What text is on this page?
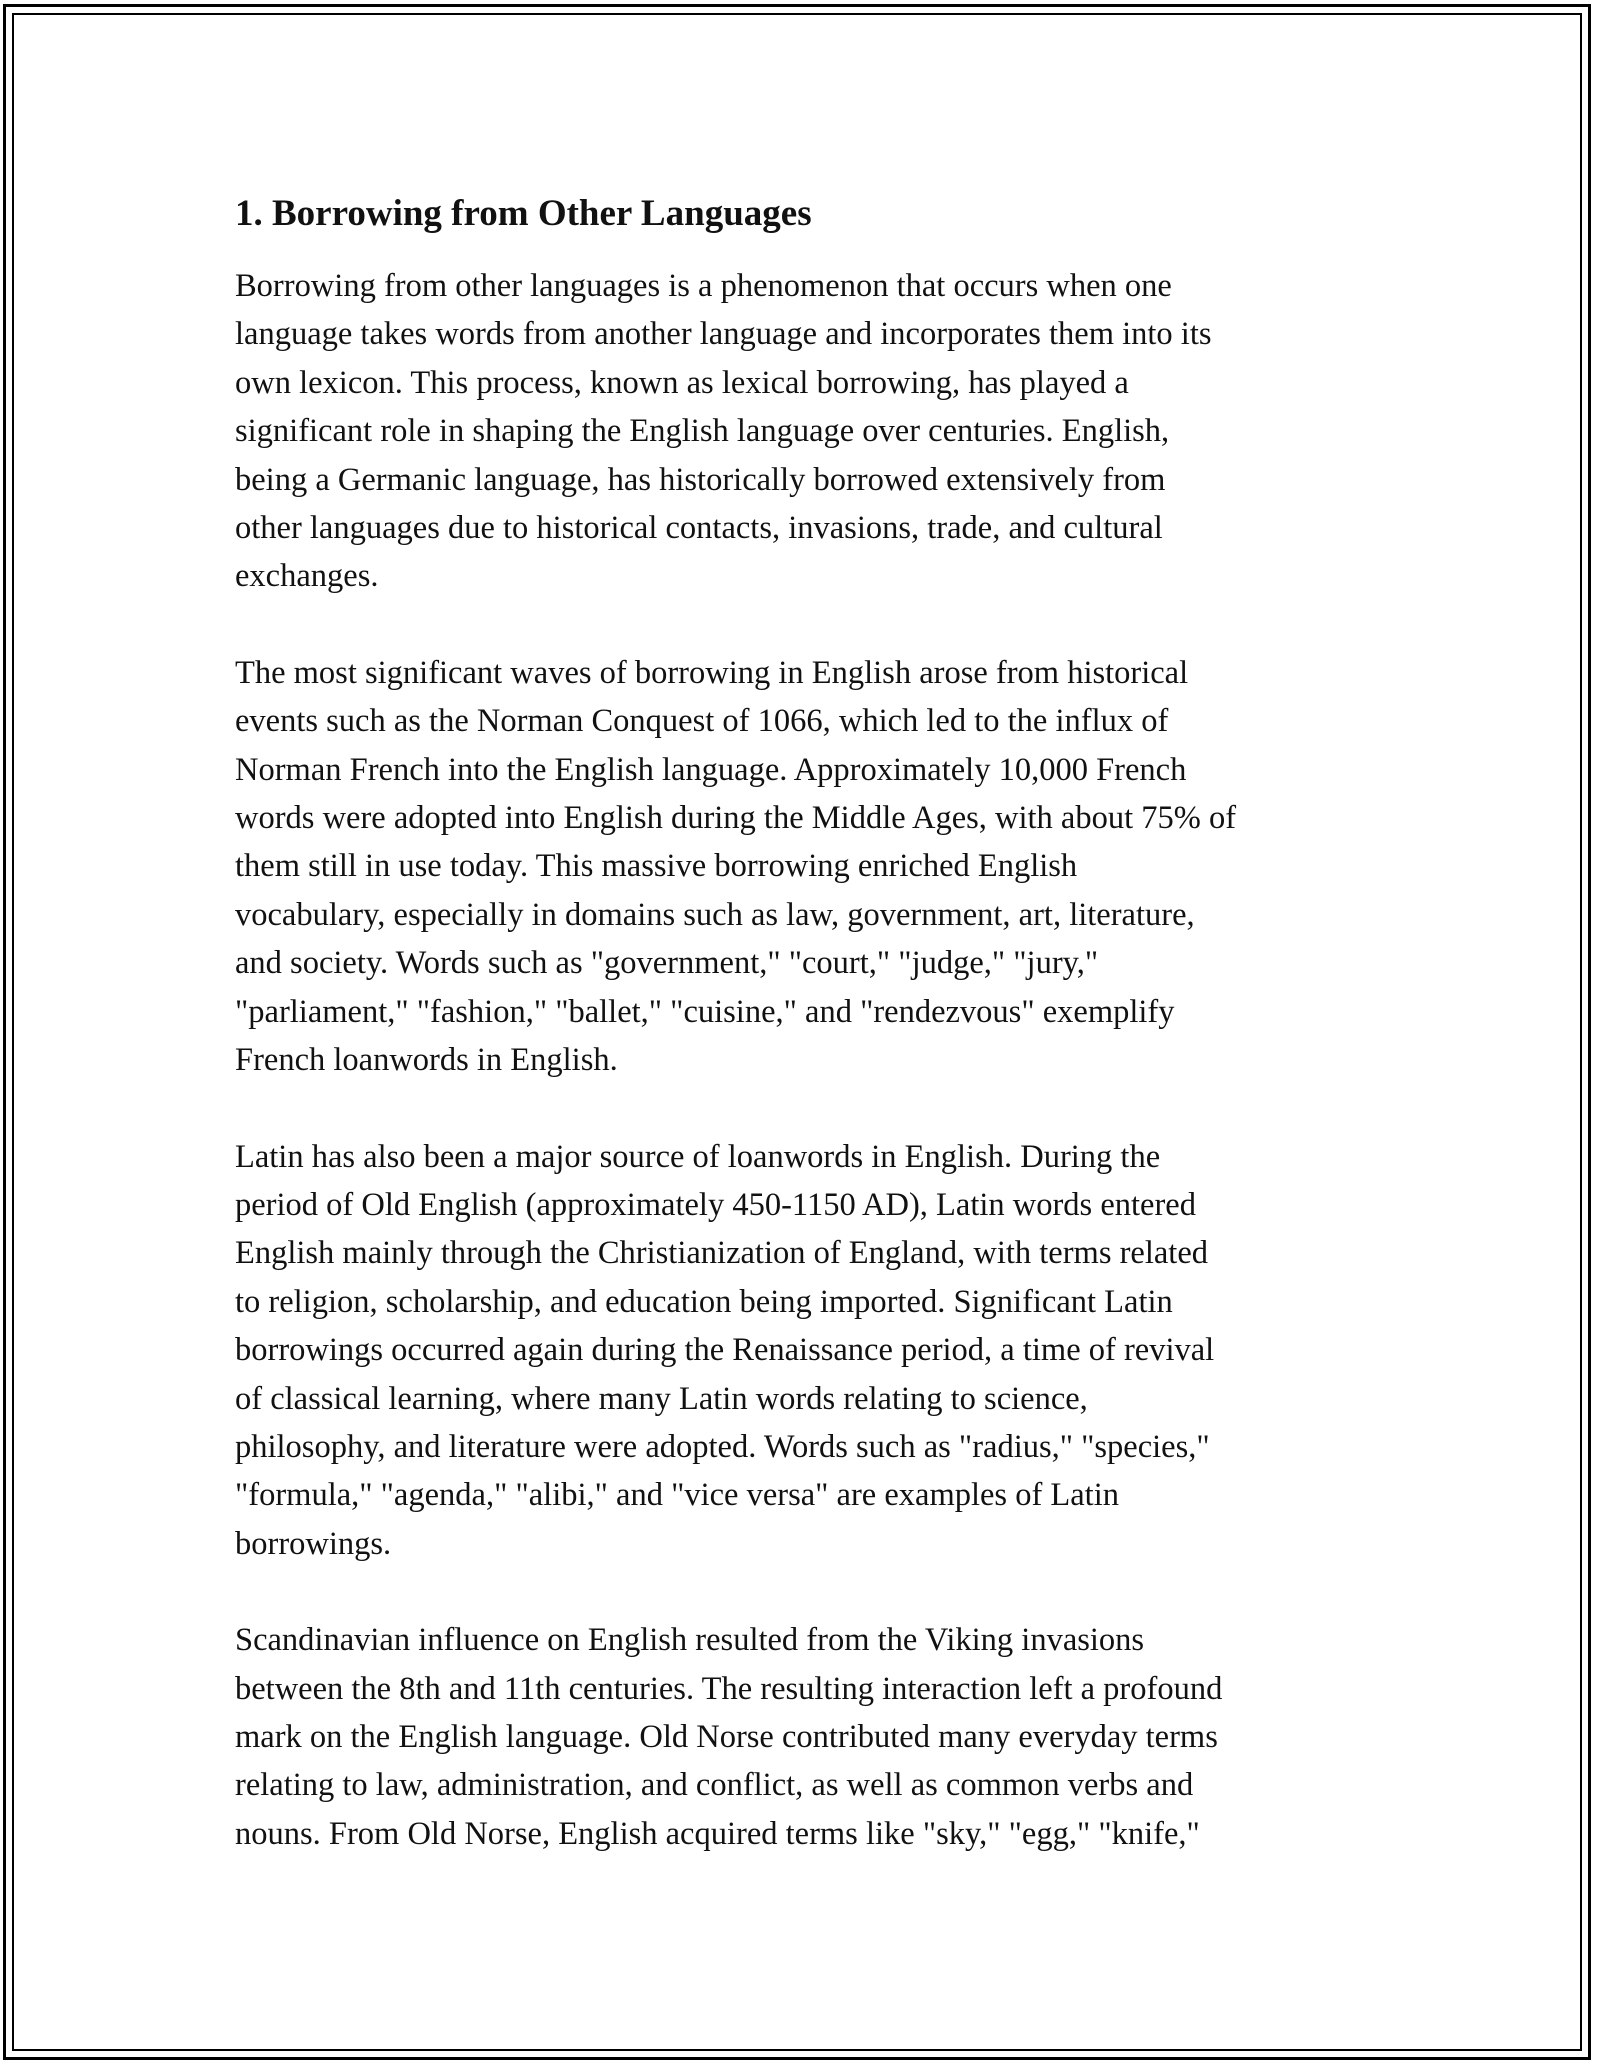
1. Borrowing from Other Languages

Borrowing from other languages is a phenomenon that occurs when one
language takes words from another language and incorporates them into its
own lexicon. This process, known as lexical borrowing, has played a
significant role in shaping the English language over centuries. English,
being a Germanic language, has historically borrowed extensively from
other languages due to historical contacts, invasions, trade, and cultural
exchanges.

The most significant waves of borrowing in English arose from historical
events such as the Norman Conquest of 1066, which led to the influx of
Norman French into the English language. Approximately 10,000 French
words were adopted into English during the Middle Ages, with about 75% of
them still in use today. This massive borrowing enriched English
vocabulary, especially in domains such as law, government, art, literature,
and society. Words such as "government," "court," "judge," "jury,"
"parliament," "fashion," "ballet," "cuisine," and "rendezvous" exemplify
French loanwords in English.

Latin has also been a major source of loanwords in English. During the
period of Old English (approximately 450-1150 AD), Latin words entered
English mainly through the Christianization of England, with terms related
to religion, scholarship, and education being imported. Significant Latin
borrowings occurred again during the Renaissance period, a time of revival
of classical learning, where many Latin words relating to science,
philosophy, and literature were adopted. Words such as "radius," "species,"
"formula," "agenda," "alibi," and "vice versa" are examples of Latin
borrowings.

Scandinavian influence on English resulted from the Viking invasions
between the 8th and 11th centuries. The resulting interaction left a profound
mark on the English language. Old Norse contributed many everyday terms
relating to law, administration, and conflict, as well as common verbs and
nouns. From Old Norse, English acquired terms like "sky," "egg," "knife,"
